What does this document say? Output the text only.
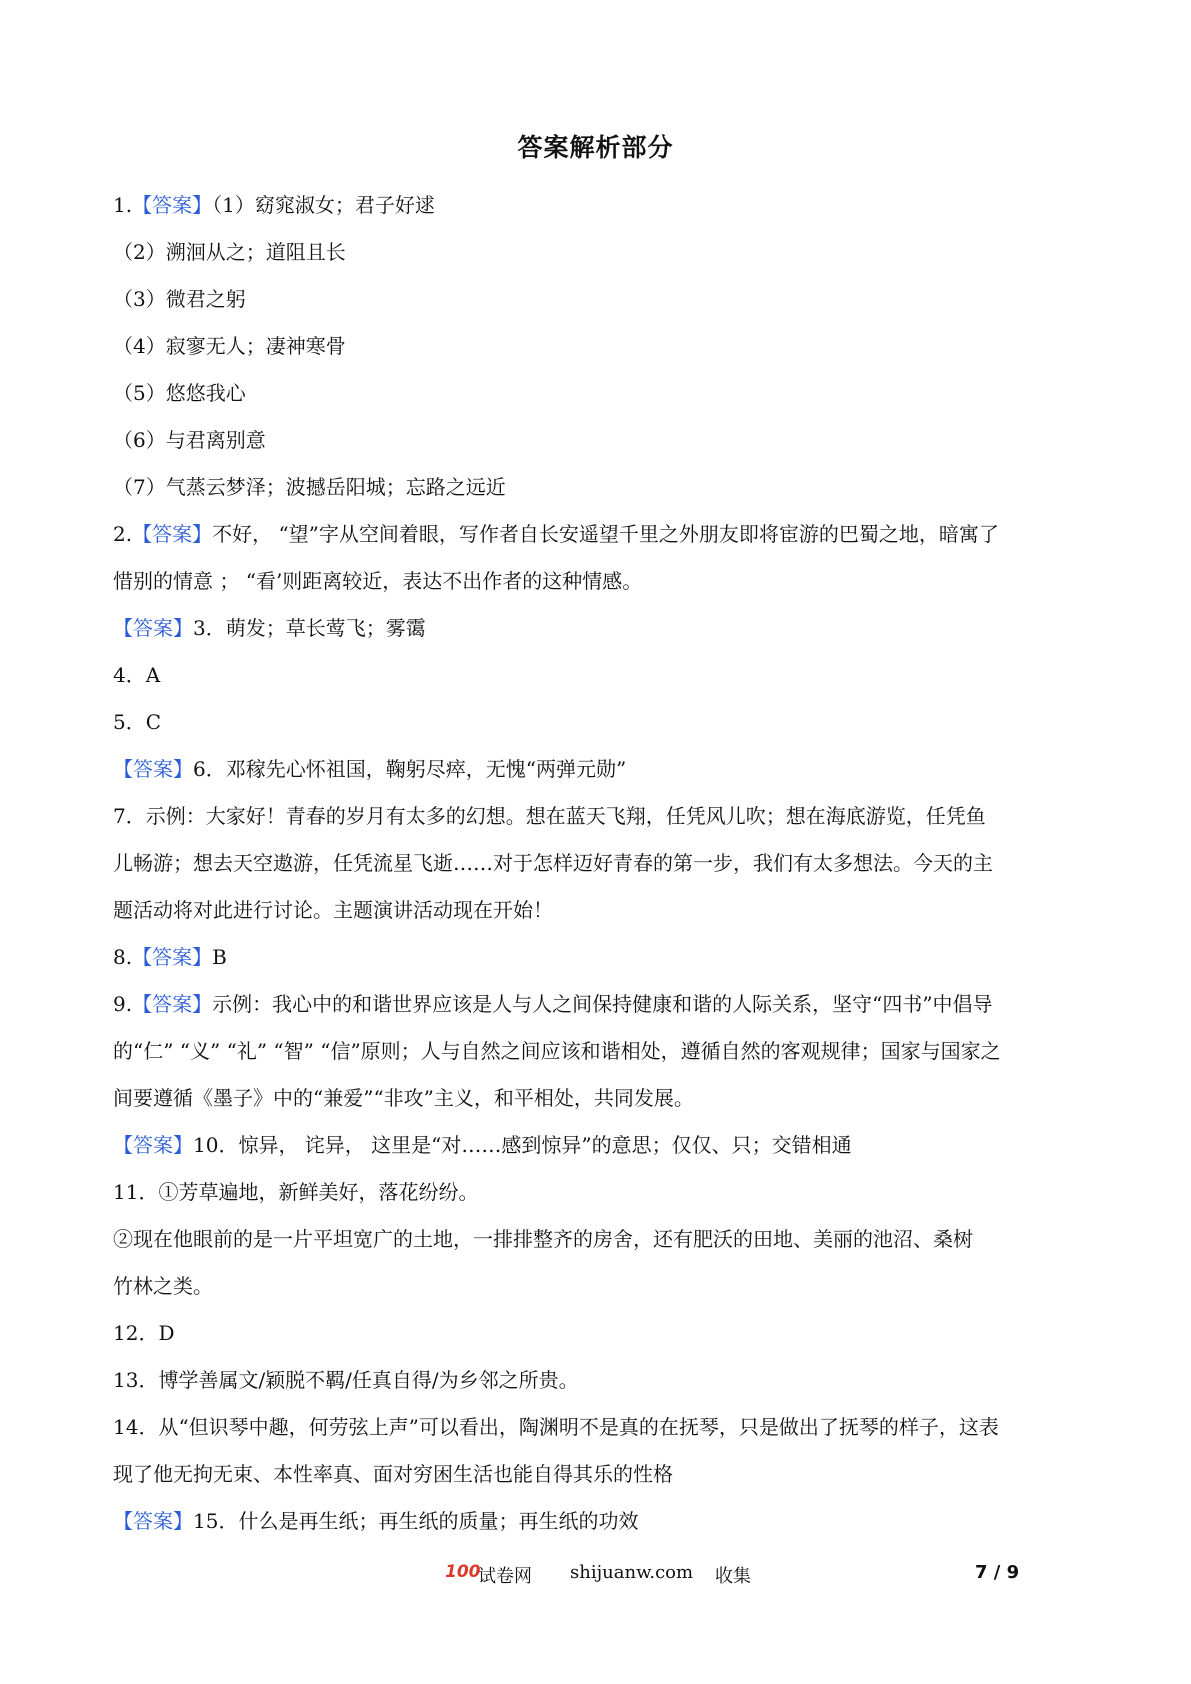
答案解析部分
1.【答案】（1）窈窕淑女；君子好逑
（2）溯洄从之；道阻且长
（3）微君之躬
（4）寂寥无人；凄神寒骨
（5）悠悠我心
（6）与君离别意
（7）气蒸云梦泽；波撼岳阳城；忘路之远近
2.【答案】不好， “望”字从空间着眼，写作者自长安遥望千里之外朋友即将宦游的巴蜀之地，暗寓了
惜别的情意 ； “看’则距离较近，表达不出作者的这种情感。
【答案】3．萌发；草长莺飞；雾霭
4．A
5．C
【答案】6．邓稼先心怀祖国，鞠躬尽瘁，无愧“两弹元勋”
7．示例：大家好！青春的岁月有太多的幻想。想在蓝天飞翔，任凭风儿吹；想在海底游览，任凭鱼
儿畅游；想去天空遨游，任凭流星飞逝……对于怎样迈好青春的第一步，我们有太多想法。今天的主
题活动将对此进行讨论。主题演讲活动现在开始！
8.【答案】B
9.【答案】示例：我心中的和谐世界应该是人与人之间保持健康和谐的人际关系，坚守“四书”中倡导
的“仁” “义” “礼” “智” “信”原则；人与自然之间应该和谐相处，遵循自然的客观规律；国家与国家之
间要遵循《墨子》中的“兼爱”“非攻”主义，和平相处，共同发展。
【答案】10．惊异， 诧异， 这里是“对……感到惊异”的意思；仅仅、只；交错相通
11．①芳草遍地，新鲜美好，落花纷纷。
②现在他眼前的是一片平坦宽广的土地，一排排整齐的房舍，还有肥沃的田地、美丽的池沼、桑树
竹林之类。
12．D
13．博学善属文/颖脱不羁/任真自得/为乡邻之所贵。
14．从“但识琴中趣，何劳弦上声”可以看出，陶渊明不是真的在抚琴，只是做出了抚琴的样子，这表
现了他无拘无束、本性率真、面对穷困生活也能自得其乐的性格
【答案】15．什么是再生纸；再生纸的质量；再生纸的功效
100
试卷网 shijuanw.com 收集	7 / 9
